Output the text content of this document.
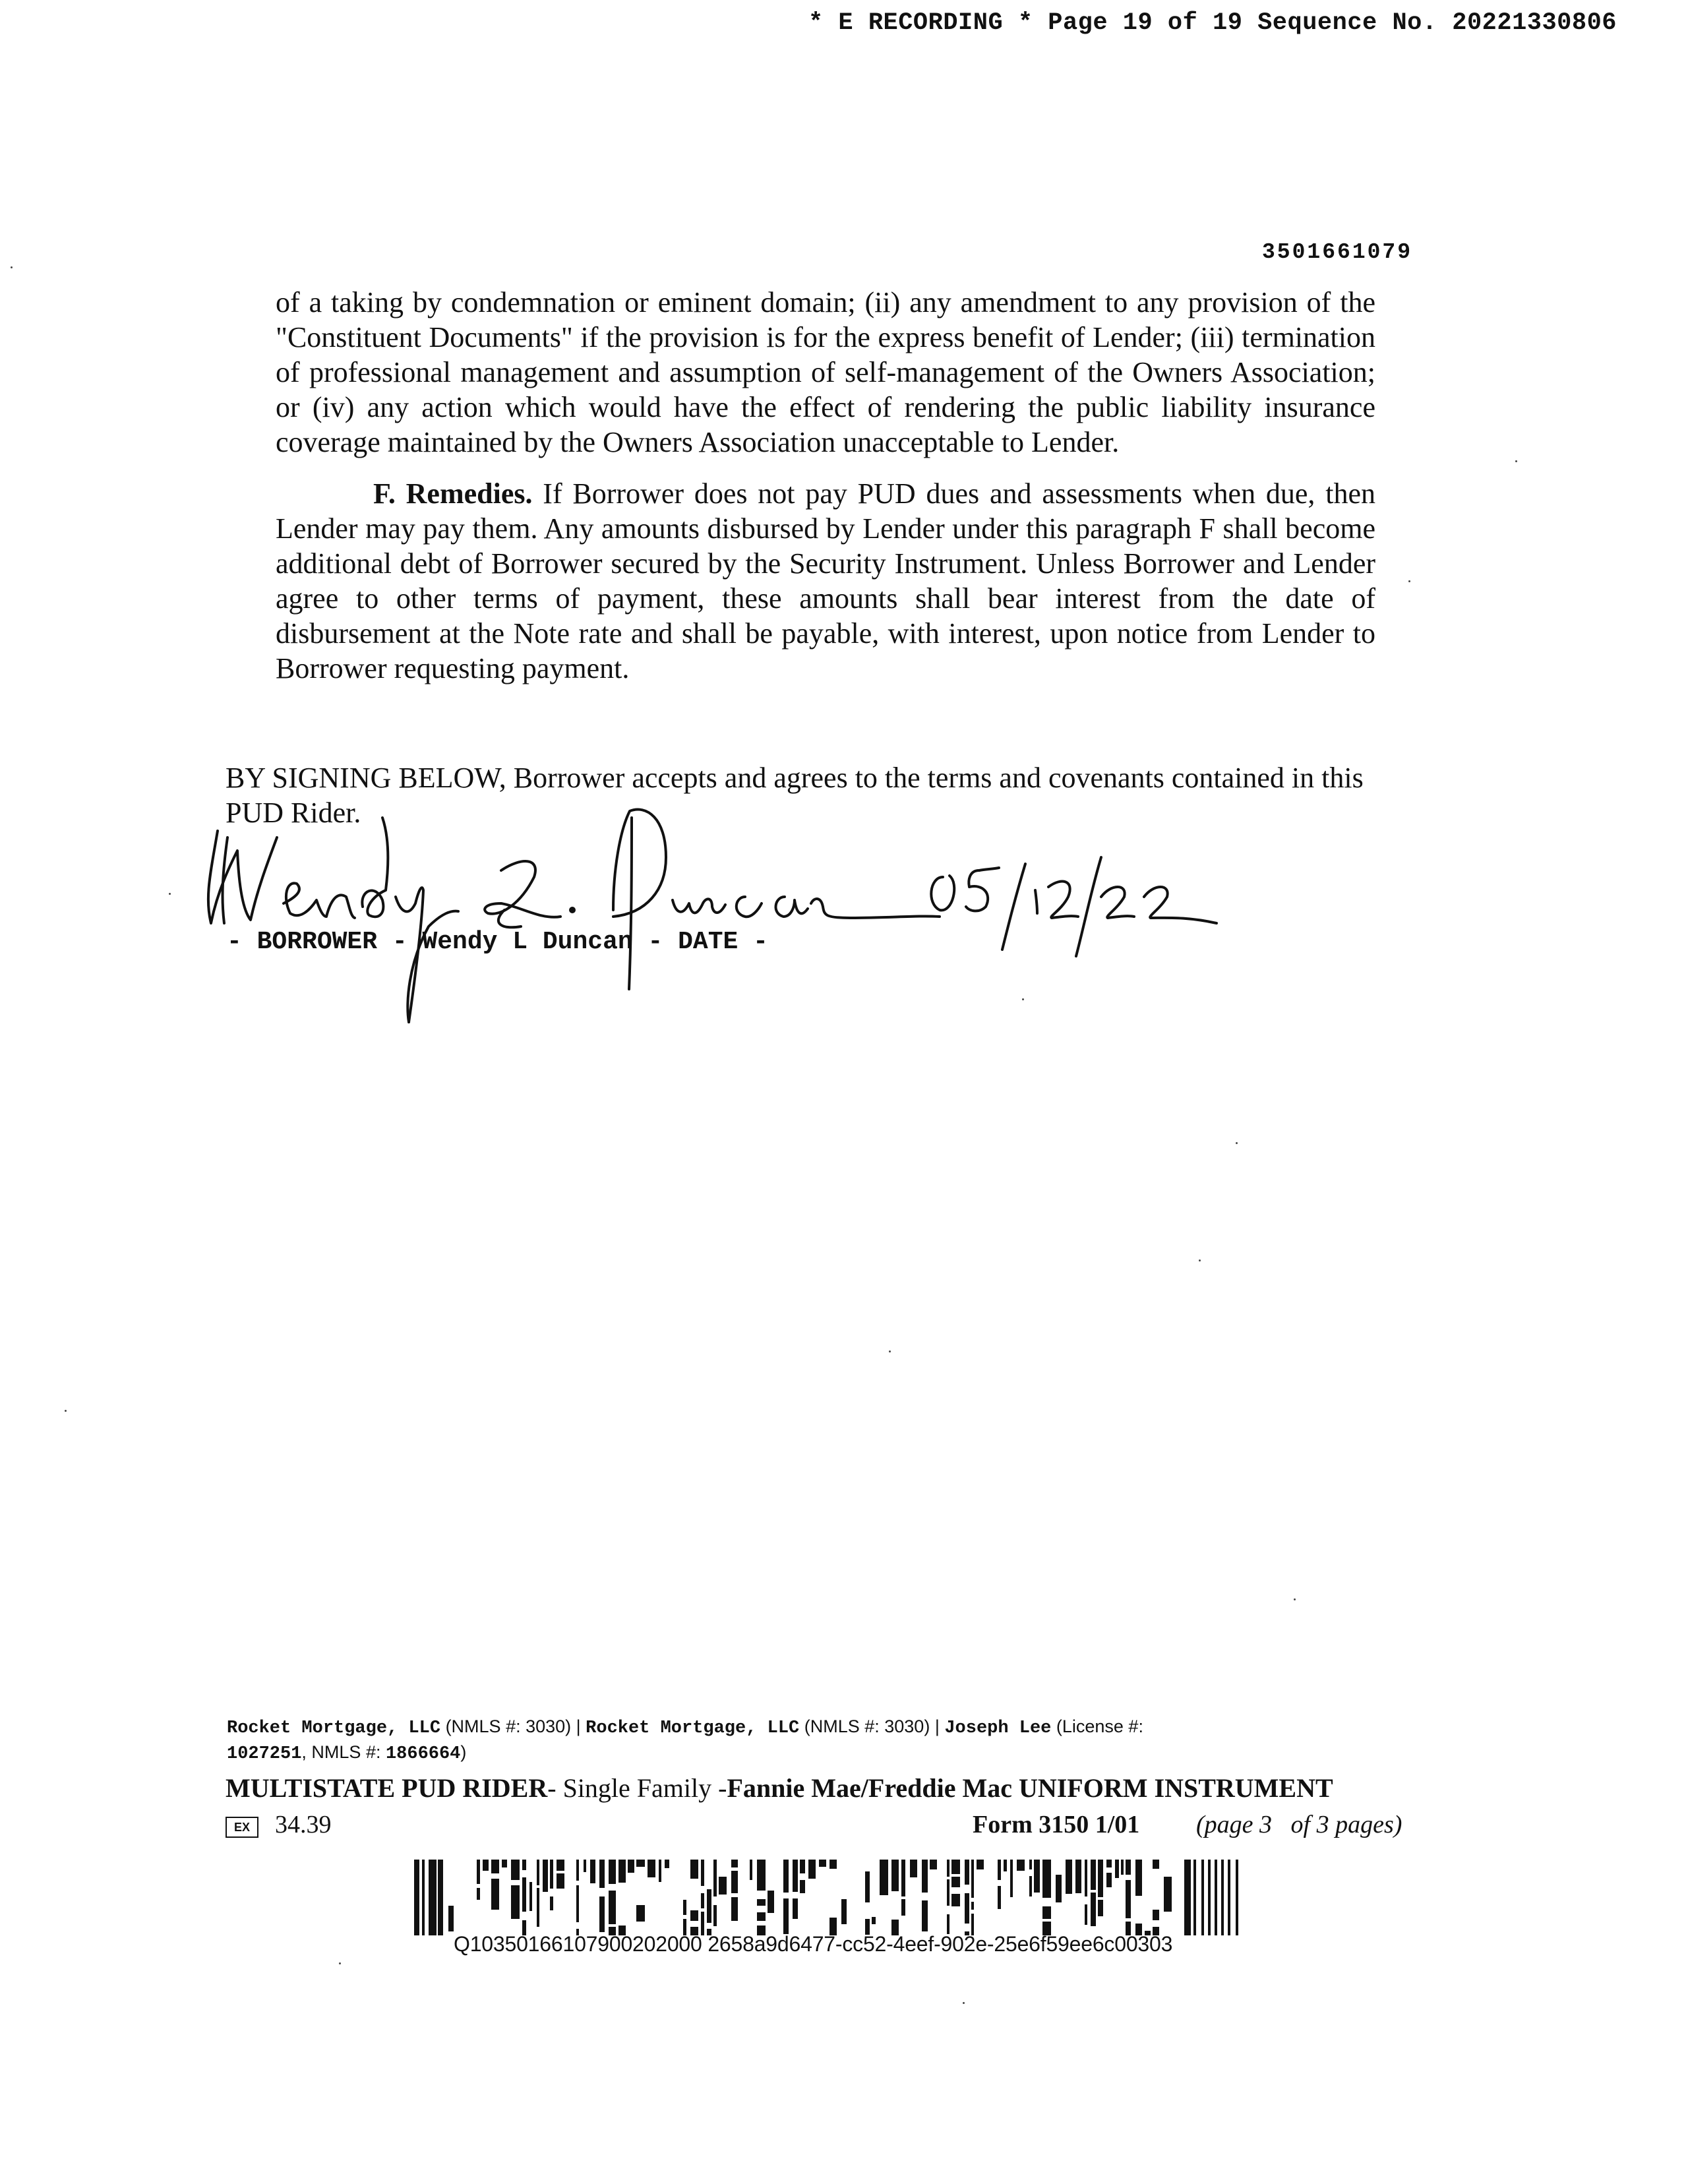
* E RECORDING * Page 19 of 19 Sequence No. 20221330806
3501661079
of a taking by condemnation or eminent domain; (ii) any amendment to any provision of the "Constituent Documents" if the provision is for the express benefit of Lender; (iii) termination of professional management and assumption of self-management of the Owners Association; or (iv) any action which would have the effect of rendering the public liability insurance coverage maintained by the Owners Association unacceptable to Lender.
F. Remedies. If Borrower does not pay PUD dues and assessments when due, then Lender may pay them. Any amounts disbursed by Lender under this paragraph F shall become additional debt of Borrower secured by the Security Instrument. Unless Borrower and Lender agree to other terms of payment, these amounts shall bear interest from the date of disbursement at the Note rate and shall be payable, with interest, upon notice from Lender to Borrower requesting payment.
BY SIGNING BELOW, Borrower accepts and agrees to the terms and covenants contained in this PUD Rider.
- BORROWER - Wendy L Duncan - DATE -
Rocket Mortgage, LLC (NMLS #: 3030) | Rocket Mortgage, LLC (NMLS #: 3030) | Joseph Lee (License #:
1027251, NMLS #: 1866664)
MULTISTATE PUD RIDER- Single Family -Fannie Mae/Freddie Mac UNIFORM INSTRUMENT
EX	34.39	Form 3150 1/01 (page 3   of 3 pages)
Q10350166107900202000 2658a9d6477-cc52-4eef-902e-25e6f59ee6c00303
